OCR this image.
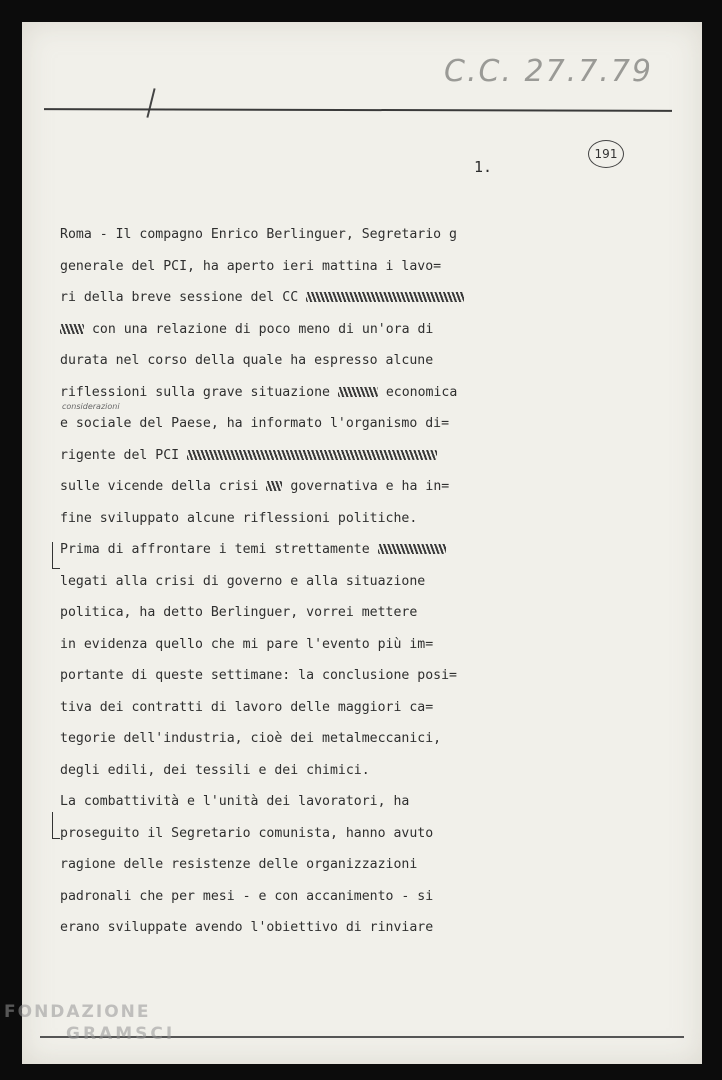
C.C. 27.7.79
1.
191
considerazioni
Roma - Il compagno Enrico Berlinguer, Segretario g
generale del PCI, ha aperto ieri mattina i lavo=
ri della breve sessione del CC
con una relazione di poco meno di un'ora di
durata nel corso della quale ha espresso alcune
riflessioni sulla grave situazione	economica
e sociale del Paese, ha informato l'organismo di=
rigente del PCI
sulle vicende della crisi governativa e ha in=
fine sviluppato alcune riflessioni politiche.
Prima di affrontare i temi strettamente
legati alla crisi di governo e alla situazione
politica, ha detto Berlinguer, vorrei mettere
in evidenza quello che mi pare l'evento più im=
portante di queste settimane: la conclusione posi=
tiva dei contratti di lavoro delle maggiori ca=
tegorie dell'industria, cioè dei metalmeccanici,
degli edili, dei tessili e dei chimici.
La combattività e l'unità dei lavoratori, ha
proseguito il Segretario comunista, hanno avuto
ragione delle resistenze delle organizzazioni
padronali che per mesi - e con accanimento - si
erano sviluppate avendo l'obiettivo di rinviare
FONDAZIONE
GRAMSCI
